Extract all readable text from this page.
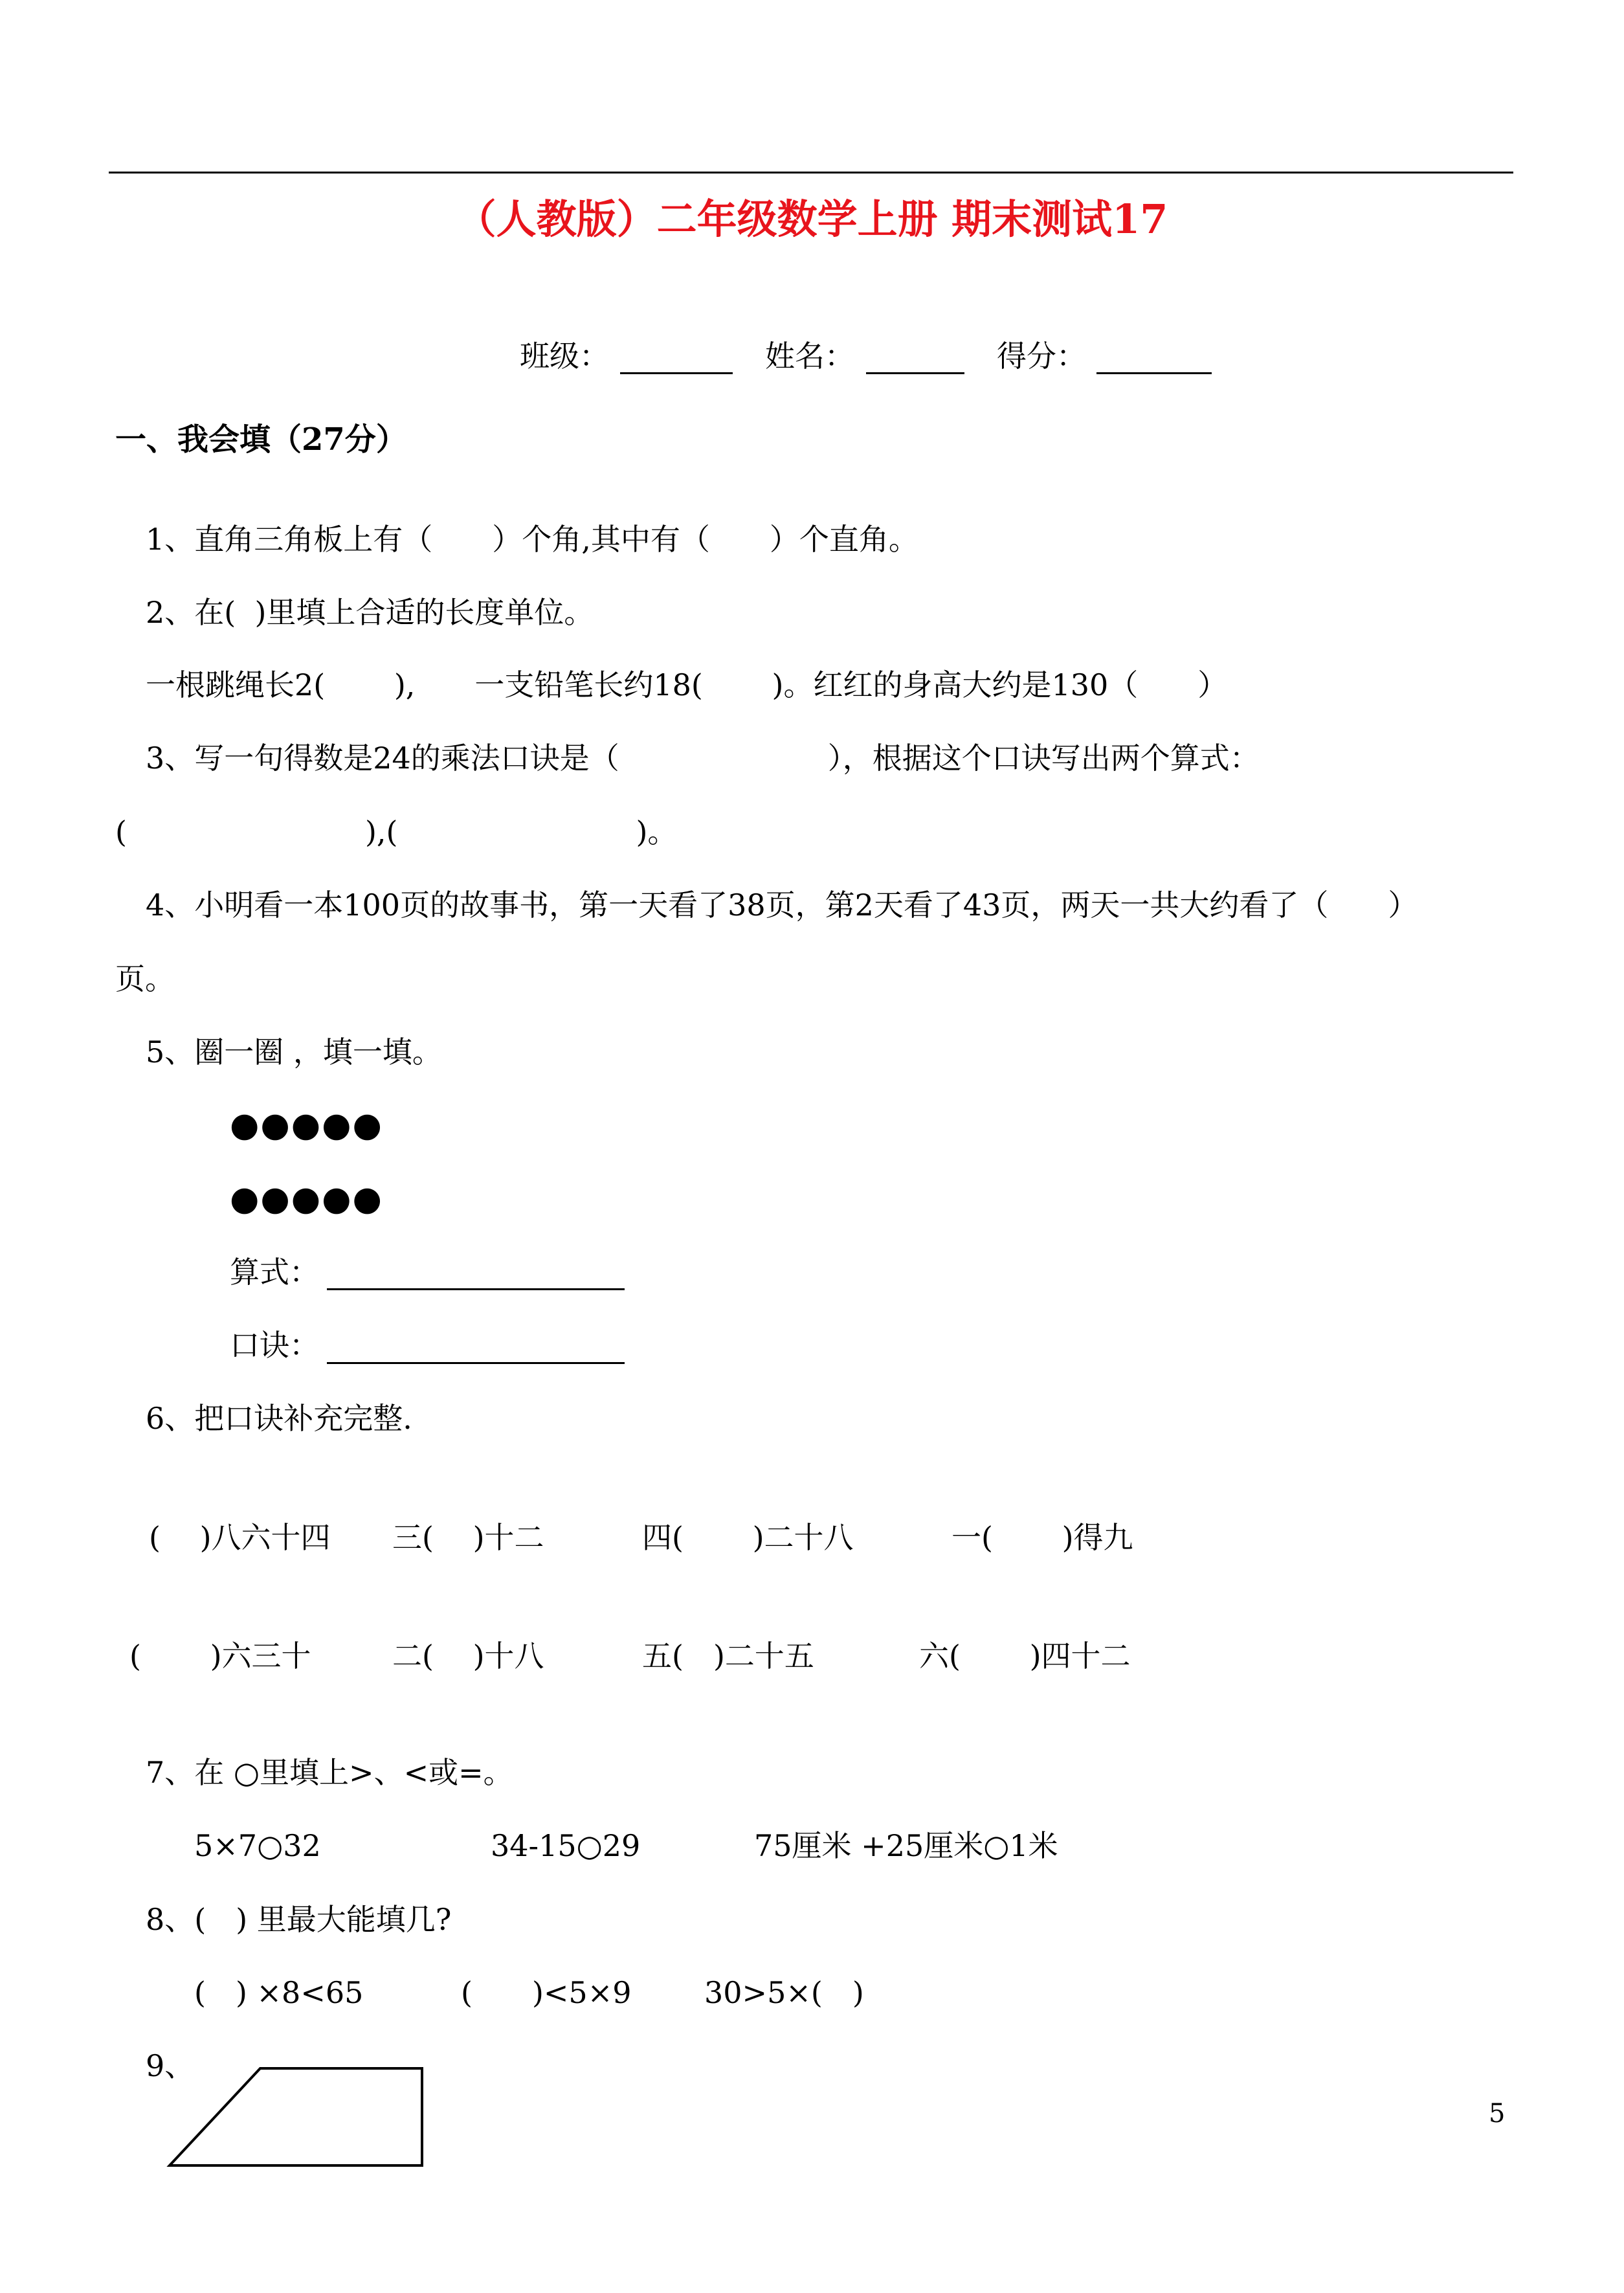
（人教版）二年级数学上册 期末测试17
班级：	姓名：	得分：
一、我会填（27分）
1、直角三角板上有（　　）个角,其中有（　　）个直角。
2、在(  )里填上合适的长度单位。
一根跳绳长2(　　 ),　　一支铅笔长约18(　　 )。红红的身高大约是130（　　）
3、写一句得数是24的乘法口诀是（　　　　　　　），根据这个口诀写出两个算式：
(　　　　　　　　),(　　　　　　　　)。
4、小明看一本100页的故事书，第一天看了38页，第2天看了43页，两天一共大约看了（　　）
页。
5、圈一圈 ，填一填。
●●●●●
●●●●●
算式：
口诀：
6、把口诀补充完整.
(　 )八六十四 三(　 )十二	四(　　 )二十八	一(　　 )得九
(　　 )六三十	二(　 )十八	五(　)二十五	六(　　 )四十二
7、在 ○里填上>、<或=。
5×7○32	34-15○29	75厘米 +25厘米○1米
8、(　) 里最大能填几?
(　) ×8<65	(　　)<5×9 30>5×(　)
9、
5
